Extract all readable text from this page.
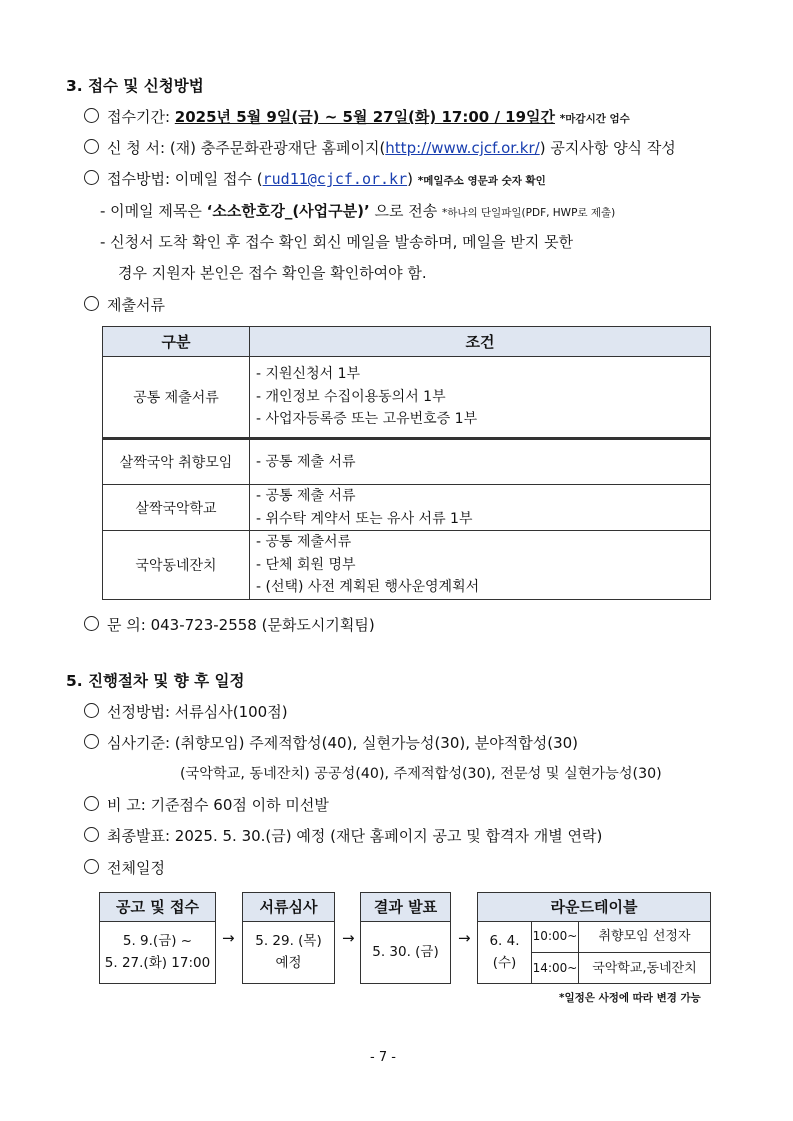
3. 접수 및 신청방법
접수기간: 2025년 5월 9일(금) ~ 5월 27일(화) 17:00 / 19일간 *마감시간 엄수
신 청 서: (재) 충주문화관광재단 홈페이지(http://www.cjcf.or.kr/) 공지사항 양식 작성
접수방법: 이메일 접수 (rud11@cjcf.or.kr) *메일주소 영문과 숫자 확인
- 이메일 제목은 ‘소소한호강_(사업구분)’ 으로 전송 *하나의 단일파일(PDF, HWP로 제출)
- 신청서 도착 확인 후 접수 확인 회신 메일을 발송하며, 메일을 받지 못한
경우 지원자 본인은 접수 확인을 확인하여야 함.
제출서류
구분	조건
공통 제출서류	- 지원신청서 1부
- 개인정보 수집이용동의서 1부
- 사업자등록증 또는 고유번호증 1부

살짝국악 취향모임	- 공통 제출 서류

살짝국악학교	- 공통 제출 서류
- 위수탁 계약서 또는 유사 서류 1부

국악동네잔치	- 공통 제출서류
- 단체 회원 명부
- (선택) 사전 계획된 행사운영계획서
문 의: 043-723-2558 (문화도시기획팀)
5. 진행절차 및 향 후 일정
선정방법: 서류심사(100점)
심사기준: (취향모임) 주제적합성(40), 실현가능성(30), 분야적합성(30)
(국악학교, 동네잔치) 공공성(40), 주제적합성(30), 전문성 및 실현가능성(30)
비 고: 기준점수 60점 이하 미선발
최종발표: 2025. 5. 30.(금) 예정 (재단 홈페이지 공고 및 합격자 개별 연락)
전체일정
공고 및 접수
5. 9.(금) ~
5. 27.(화) 17:00
→
서류심사
5. 29. (목)
예정
→
결과 발표
5. 30. (금)
→
라운드테이블
6. 4.
(수)
10:00~	취향모임 선정자
14:00~	국악학교,동네잔치
*일정은 사정에 따라 변경 가능
- 7 -
